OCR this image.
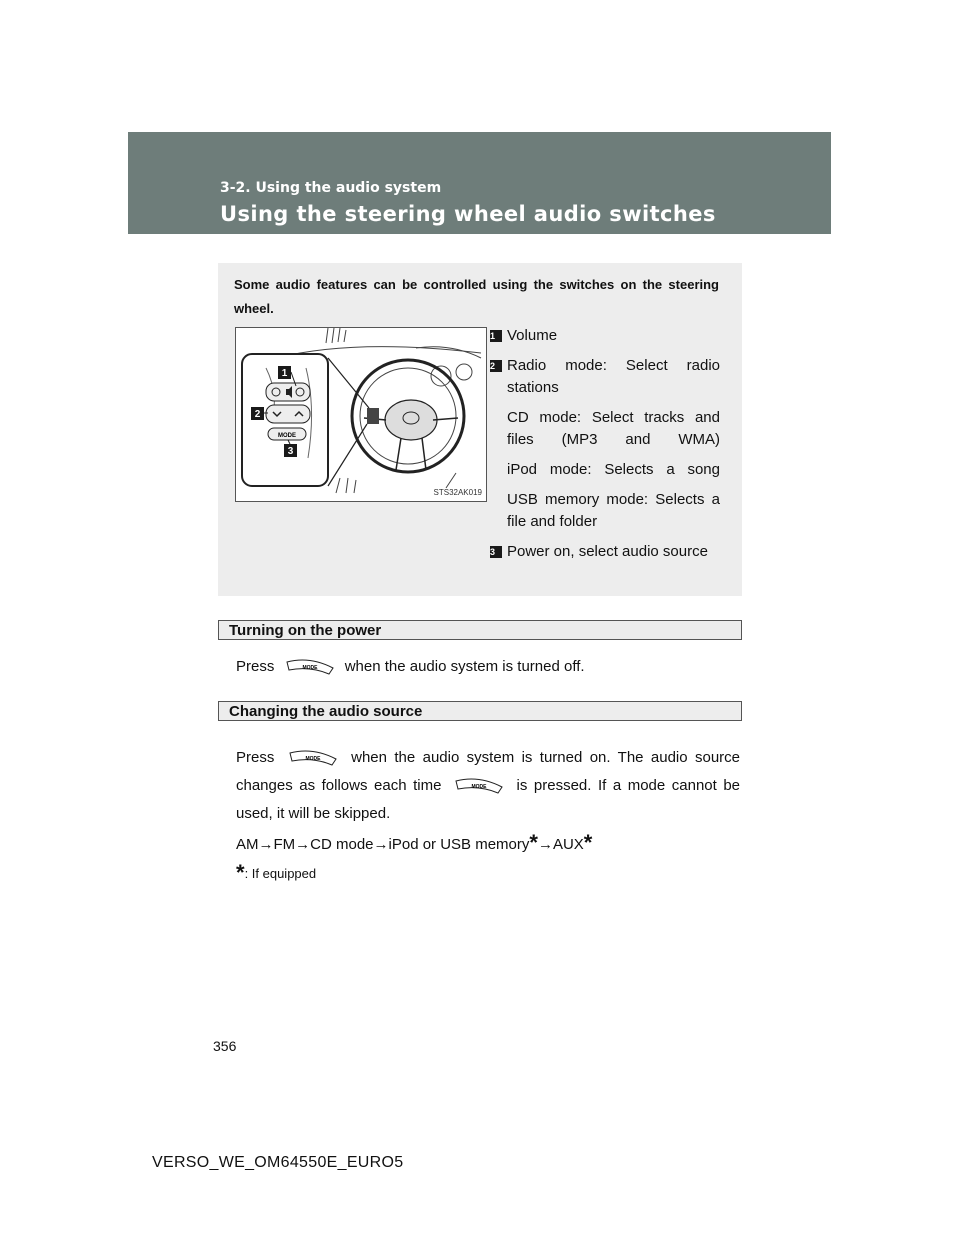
3-2. Using the audio system
Using the steering wheel audio switches
Some audio features can be controlled using the switches on the steering wheel.
MODE
1
2
3
STS32AK019
1 Volume
2 Radio mode: Select radio stations
CD mode: Select tracks and files (MP3 and WMA)
iPod mode: Selects a song
USB memory mode: Selects a file and folder
3 Power on, select audio source
Turning on the power
Press	MODE when the audio system is turned off.
Changing the audio source
Press	MODE when the audio system is turned on. The audio source changes as follows each time	MODE is pressed. If a mode cannot be used, it will be skipped.
AM→FM→CD mode→iPod or USB memory*→AUX*
*: If equipped
356
VERSO_WE_OM64550E_EURO5
